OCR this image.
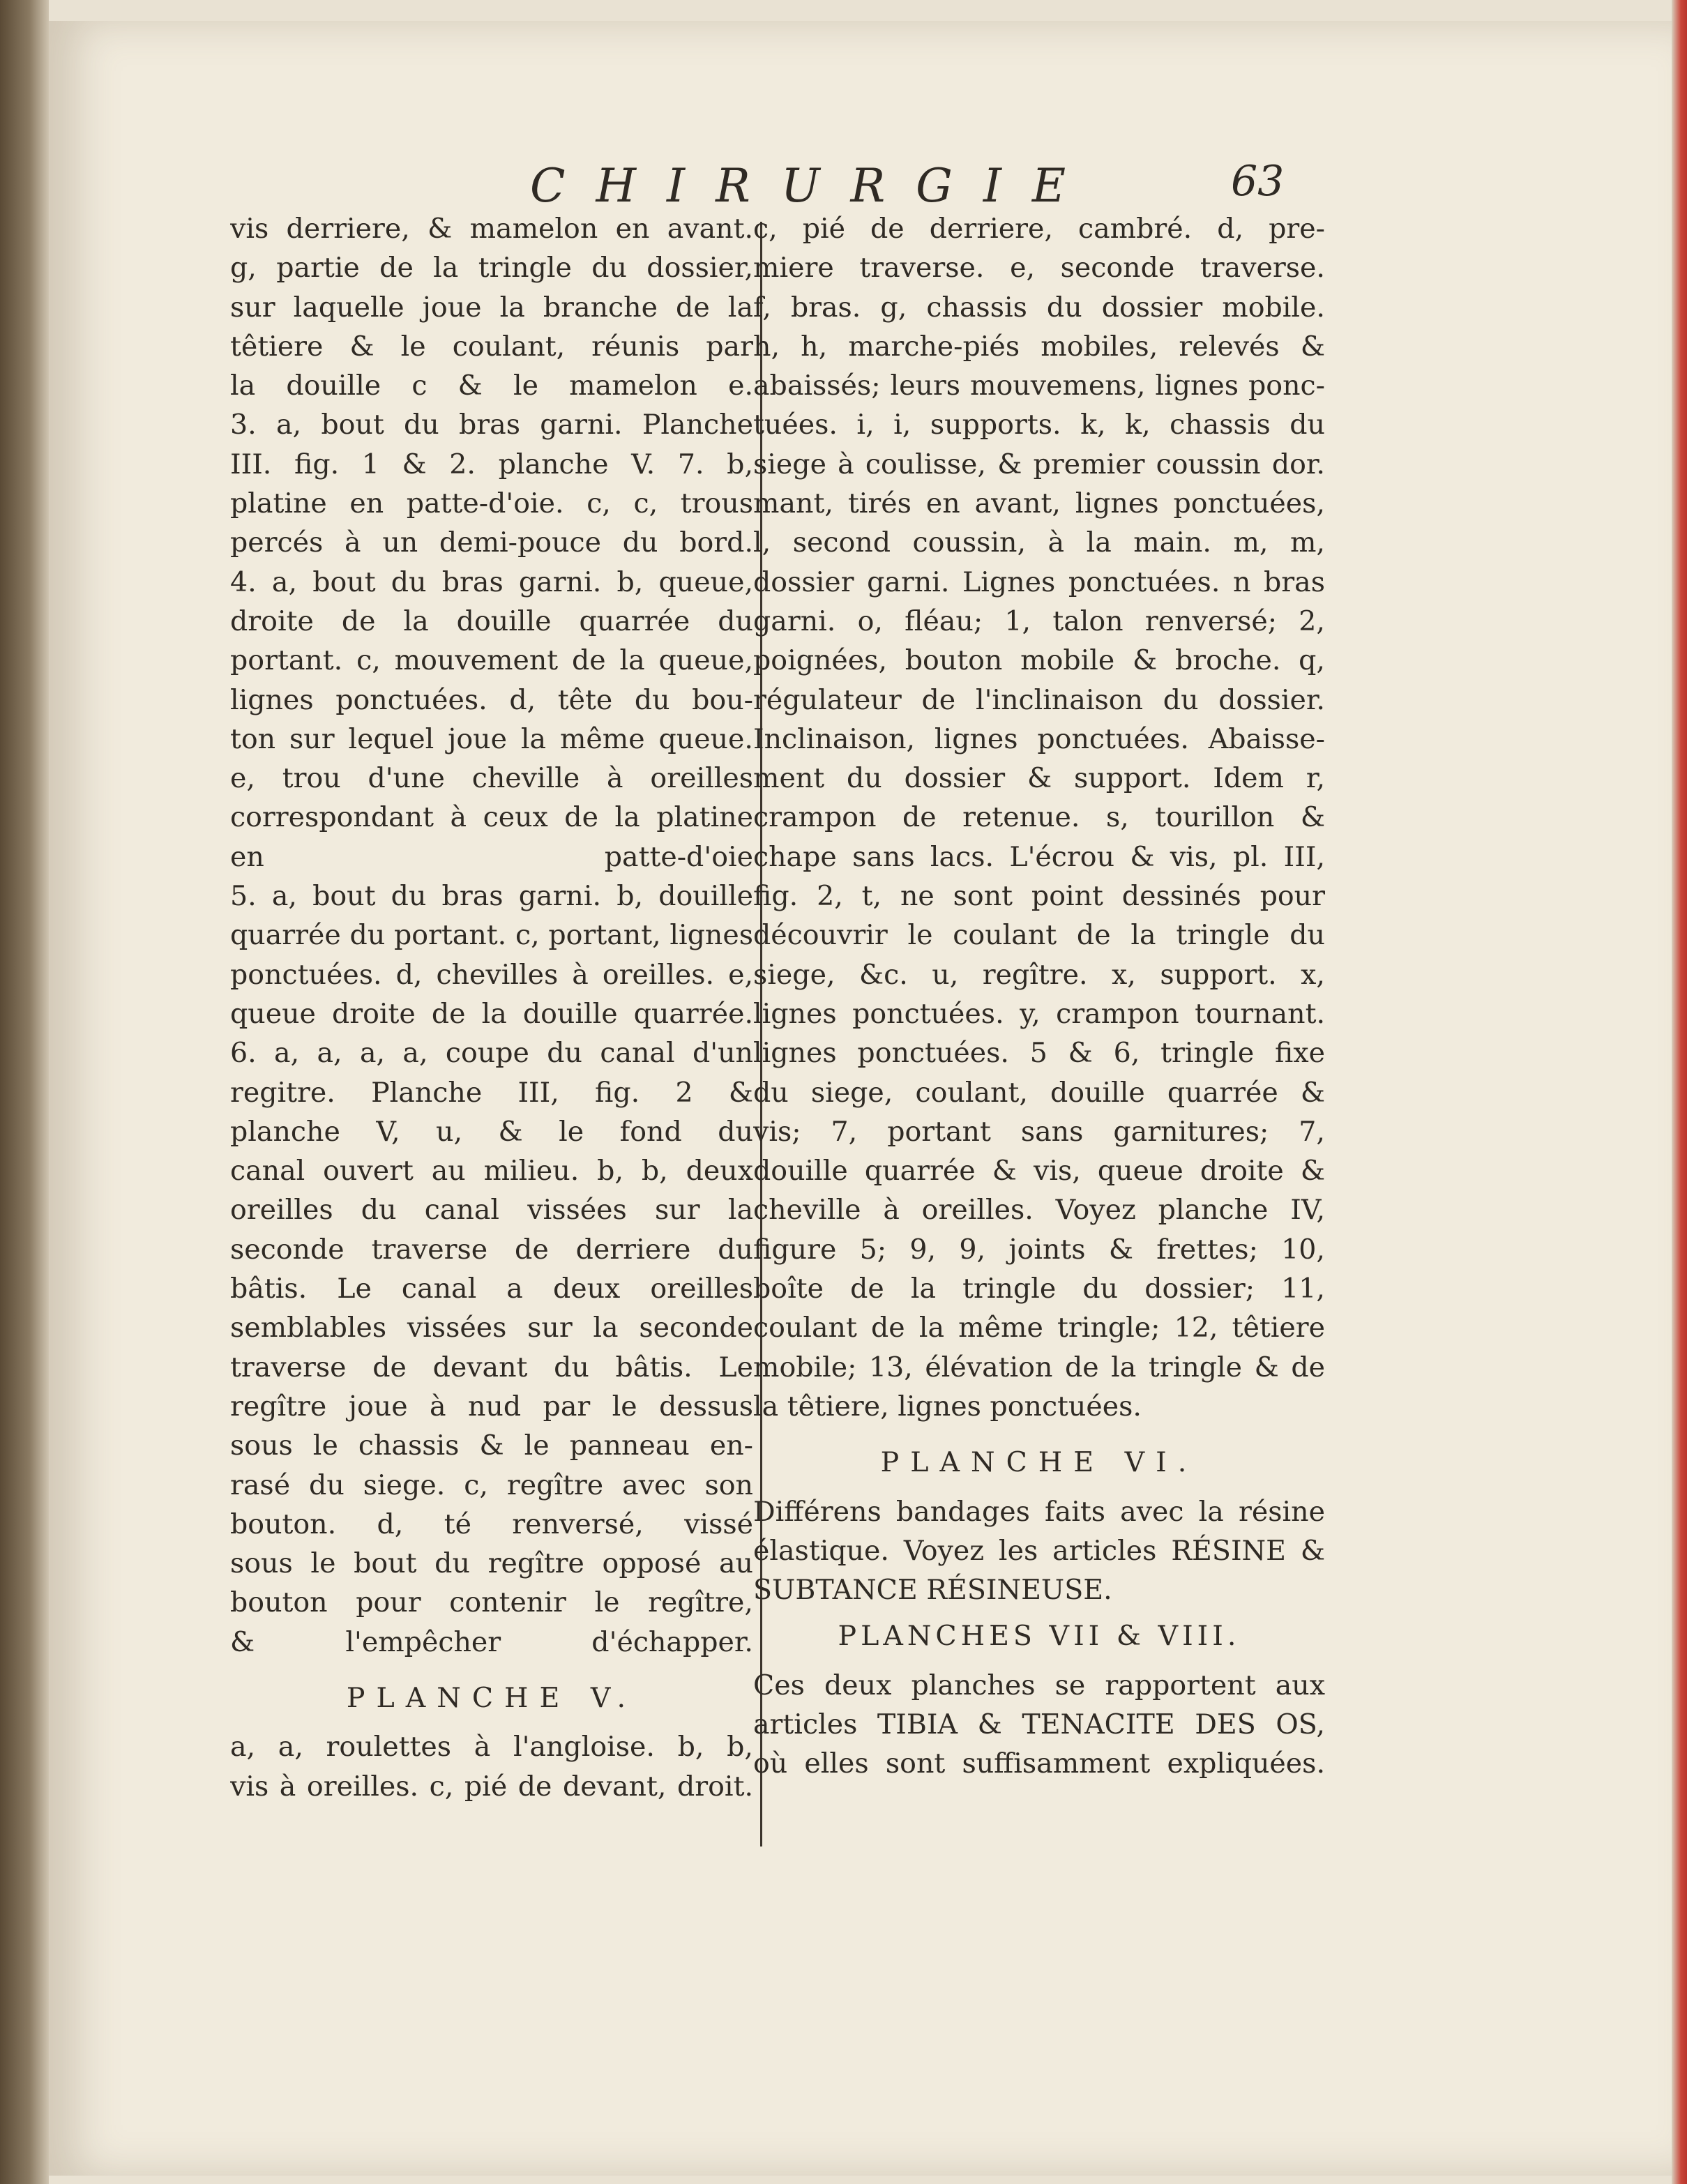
CHIRURGIE	63
vis derriere, & mamelon en avant.
g, partie de la tringle du dossier,
sur laquelle joue la branche de la
têtiere & le coulant, réunis par
la douille c & le mamelon e.
3. a, bout du bras garni. Planche
III. fig. 1 & 2. planche V. 7. b,
platine en patte-d'oie. c, c, trous
percés à un demi-pouce du bord.
4. a, bout du bras garni. b, queue,
droite de la douille quarrée du
portant. c, mouvement de la queue,
lignes ponctuées. d, tête du bou-
ton sur lequel joue la même queue.
e, trou d'une cheville à oreilles
correspondant à ceux de la platine
en patte-d'oie
5. a, bout du bras garni. b, douille
quarrée du portant. c, portant, lignes
ponctuées. d, chevilles à oreilles. e,
queue droite de la douille quarrée.
6. a, a, a, a, coupe du canal d'un
regitre. Planche III, fig. 2 &
planche V, u, & le fond du
canal ouvert au milieu. b, b, deux
oreilles du canal vissées sur la
seconde traverse de derriere du
bâtis. Le canal a deux oreilles
semblables vissées sur la seconde
traverse de devant du bâtis. Le
regître joue à nud par le dessus
sous le chassis & le panneau en-
rasé du siege. c, regître avec son
bouton. d, té renversé, vissé
sous le bout du regître opposé au
bouton pour contenir le regître,
& l'empêcher d'échapper.
PLANCHE V.
a, a, roulettes à l'angloise. b, b,
vis à oreilles. c, pié de devant, droit.
c, pié de derriere, cambré. d, pre-
miere traverse. e, seconde traverse.
f, bras. g, chassis du dossier mobile.
h, h, marche-piés mobiles, relevés &
abaissés; leurs mouvemens, lignes ponc-
tuées. i, i, supports. k, k, chassis du
siege à coulisse, & premier coussin dor.
mant, tirés en avant, lignes ponctuées,
l, second coussin, à la main. m, m,
dossier garni. Lignes ponctuées. n bras
garni. o, fléau; 1, talon renversé; 2,
poignées, bouton mobile & broche. q,
régulateur de l'inclinaison du dossier.
Inclinaison, lignes ponctuées. Abaisse-
ment du dossier & support. Idem r,
crampon de retenue. s, tourillon &
chape sans lacs. L'écrou & vis, pl. III,
fig. 2, t, ne sont point dessinés pour
découvrir le coulant de la tringle du
siege, &c. u, regître. x, support. x,
lignes ponctuées. y, crampon tournant.
lignes ponctuées. 5 & 6, tringle fixe
du siege, coulant, douille quarrée &
vis; 7, portant sans garnitures; 7,
douille quarrée & vis, queue droite &
cheville à oreilles. Voyez planche IV,
figure 5; 9, 9, joints & frettes; 10,
boîte de la tringle du dossier; 11,
coulant de la même tringle; 12, têtiere
mobile; 13, élévation de la tringle & de
la têtiere, lignes ponctuées.
PLANCHE VI.
Différens bandages faits avec la résine
élastique. Voyez les articles RÉSINE &
SUBTANCE RÉSINEUSE.
PLANCHES VII & VIII.
Ces deux planches se rapportent aux
articles TIBIA & TENACITE DES OS,
où elles sont suffisamment expliquées.
